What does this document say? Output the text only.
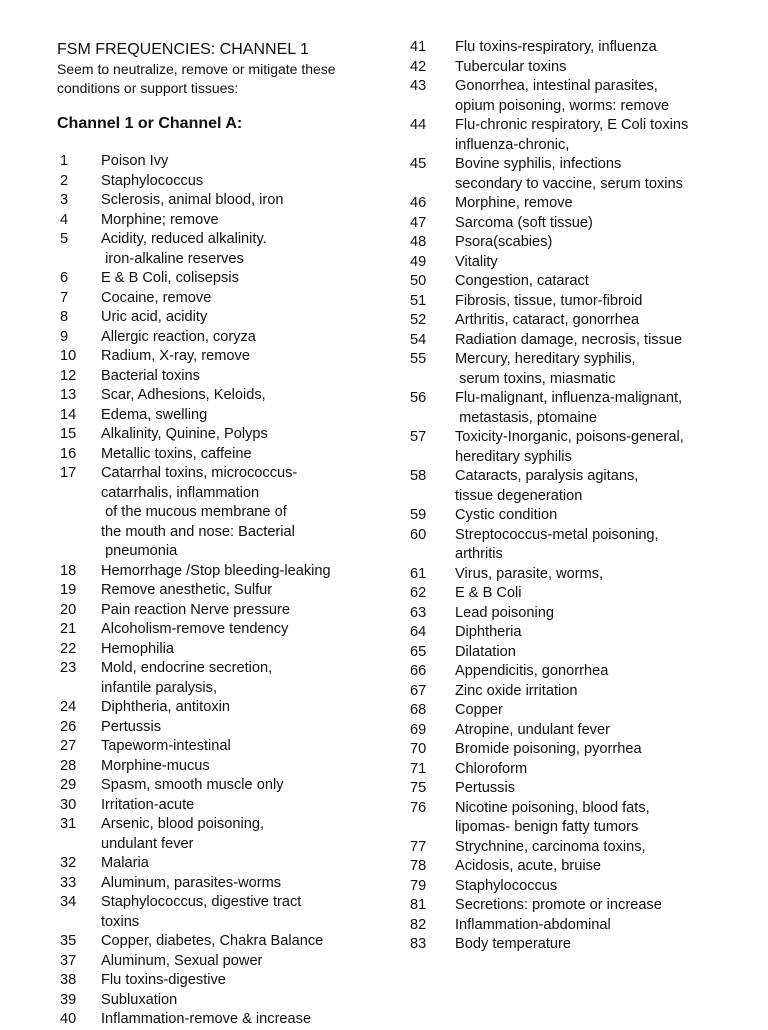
FSM FREQUENCIES: CHANNEL 1
Seem to neutralize, remove or mitigate these conditions or support tissues:
Channel 1 or Channel A:
1	Poison Ivy
2	Staphylococcus
3	Sclerosis, animal blood, iron
4	Morphine; remove
5	Acidity, reduced alkalinity.
iron-alkaline reserves
6	E & B Coli, colisepsis
7	Cocaine, remove
8	Uric acid, acidity
9	Allergic reaction, coryza
10	Radium, X-ray, remove
12	Bacterial toxins
13	Scar, Adhesions, Keloids,
14	Edema, swelling
15	Alkalinity, Quinine, Polyps
16	Metallic toxins, caffeine
17	Catarrhal toxins, micrococcus-
catarrhalis, inflammation
of the mucous membrane of
the mouth and nose: Bacterial
pneumonia
18	Hemorrhage /Stop bleeding-leaking
19	Remove anesthetic, Sulfur
20	Pain reaction Nerve pressure
21	Alcoholism-remove tendency
22	Hemophilia
23	Mold, endocrine secretion,
infantile paralysis,
24	Diphtheria, antitoxin
26	Pertussis
27	Tapeworm-intestinal
28	Morphine-mucus
29	Spasm, smooth muscle only
30	Irritation-acute
31	Arsenic, blood poisoning,
undulant fever
32	Malaria
33	Aluminum, parasites-worms
34	Staphylococcus, digestive tract
toxins
35	Copper, diabetes, Chakra Balance
37	Aluminum, Sexual power
38	Flu toxins-digestive
39	Subluxation
40	Inflammation-remove & increase
41	Flu toxins-respiratory, influenza
42	Tubercular toxins
43	Gonorrhea, intestinal parasites,
opium poisoning, worms: remove
44	Flu-chronic respiratory, E Coli toxins
influenza-chronic,
45	Bovine syphilis, infections
secondary to vaccine, serum toxins
46	Morphine, remove
47	Sarcoma (soft tissue)
48	Psora(scabies)
49	Vitality
50	Congestion, cataract
51	Fibrosis, tissue, tumor-fibroid
52	Arthritis, cataract, gonorrhea
54	Radiation damage, necrosis, tissue
55	Mercury, hereditary syphilis,
serum toxins, miasmatic
56	Flu-malignant, influenza-malignant,
metastasis, ptomaine
57	Toxicity-Inorganic, poisons-general,
hereditary syphilis
58	Cataracts, paralysis agitans,
tissue degeneration
59	Cystic condition
60	Streptococcus-metal poisoning,
arthritis
61	Virus, parasite, worms,
62	E & B Coli
63	Lead poisoning
64	Diphtheria
65	Dilatation
66	Appendicitis, gonorrhea
67	Zinc oxide irritation
68	Copper
69	Atropine, undulant fever
70	Bromide poisoning, pyorrhea
71	Chloroform
75	Pertussis
76	Nicotine poisoning, blood fats,
lipomas- benign fatty tumors
77	Strychnine, carcinoma toxins,
78	Acidosis, acute, bruise
79	Staphylococcus
81	Secretions: promote or increase
82	Inflammation-abdominal
83	Body temperature
